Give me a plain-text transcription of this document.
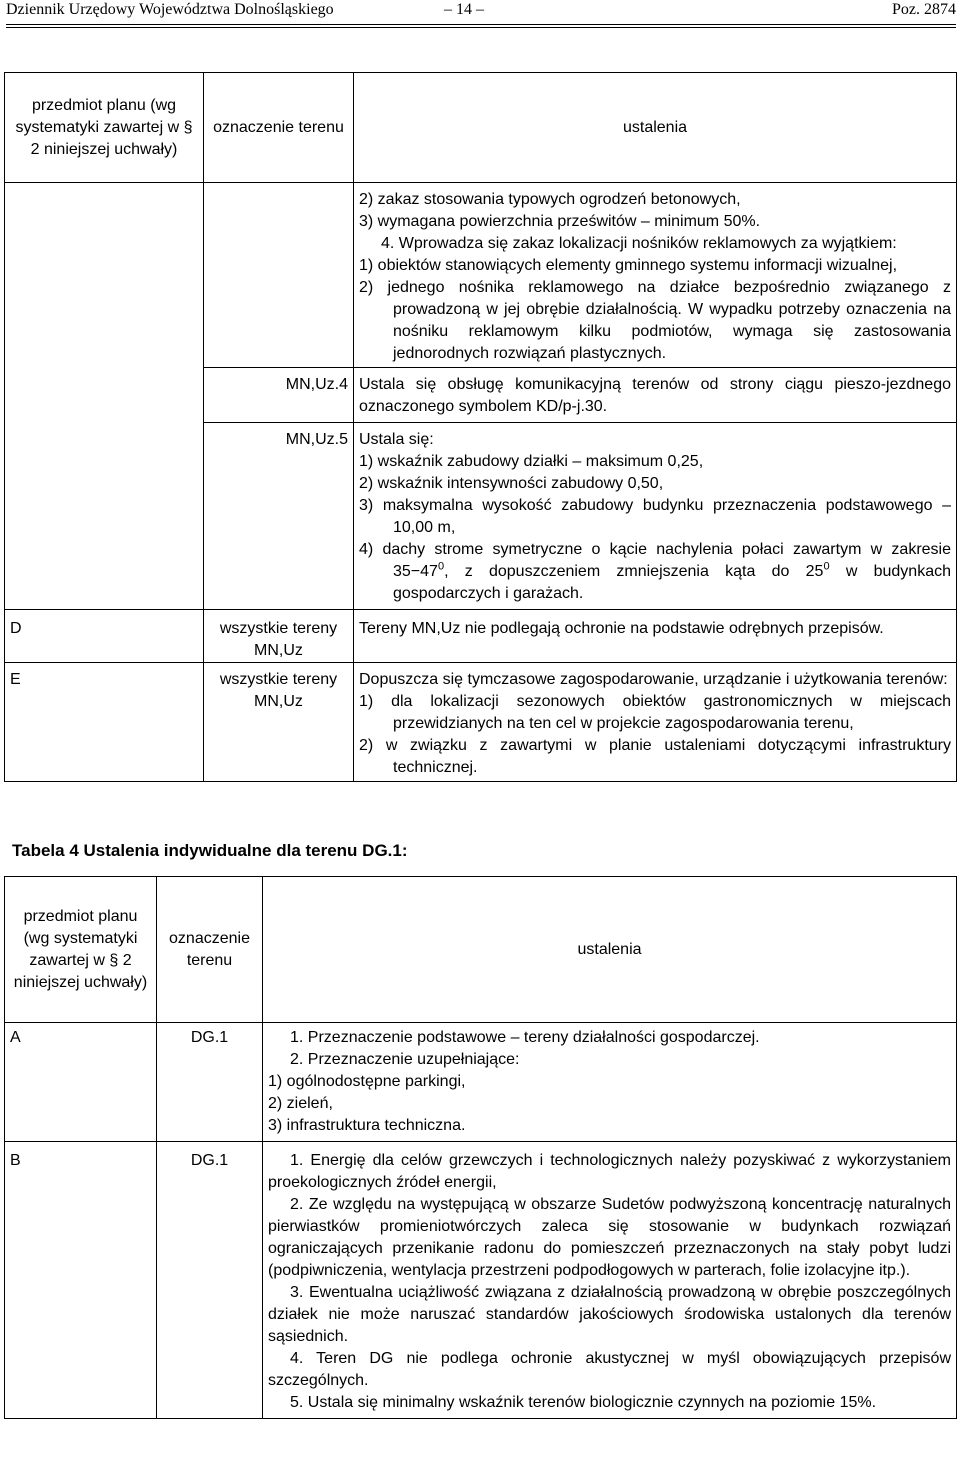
Dziennik Urzędowy Województwa Dolnośląskiego	– 14 –	Poz. 2874
przedmiot planu (wg systematyki zawartej w § 2 niniejszej uchwały)	oznaczenie terenu	ustalenia

		2) zakaz stosowania typowych ogrodzeń betonowych,
3) wymagana powierzchnia prześwitów – minimum 50%.
4. Wprowadza się zakaz lokalizacji nośników reklamowych za wyjątkiem:
1) obiektów stanowiących elementy gminnego systemu informacji wizualnej,
2) jednego nośnika reklamowego na działce bezpośrednio związanego z prowadzoną w jej obrębie działalnością. W wypadku potrzeby oznaczenia na nośniku reklamowym kilku podmiotów, wymaga się zastosowania jednorodnych rozwiązań plastycznych.

	MN,Uz.4	Ustala się obsługę komunikacyjną terenów od strony ciągu pieszo-jezdnego oznaczonego symbolem KD/p-j.30.
	MN,Uz.5	Ustala się:
1) wskaźnik zabudowy działki – maksimum 0,25,
2) wskaźnik intensywności zabudowy 0,50,
3) maksymalna wysokość zabudowy budynku przeznaczenia podstawowego – 10,00 m,
4) dachy strome symetryczne o kącie nachylenia połaci zawartym w zakresie $35-47^0$, z dopuszczeniem zmniejszenia kąta do $25^0$ w budynkach gospodarczych i garażach.

D	wszystkie tereny MN,Uz	Tereny MN,Uz nie podlegają ochronie na podstawie odrębnych przepisów.
E	wszystkie tereny MN,Uz	Dopuszcza się tymczasowe zagospodarowanie, urządzanie i użytkowania terenów:
1) dla lokalizacji sezonowych obiektów gastronomicznych w miejscach przewidzianych na ten cel w projekcie zagospodarowania terenu,
2) w związku z zawartymi w planie ustaleniami dotyczącymi infrastruktury technicznej.
Tabela 4 Ustalenia indywidualne dla terenu DG.1:
przedmiot planu (wg systematyki zawartej w § 2 niniejszej uchwały)	oznaczenie terenu	ustalenia
A	DG.1	1. Przeznaczenie podstawowe – tereny działalności gospodarczej.
2. Przeznaczenie uzupełniające:
1) ogólnodostępne parkingi,
2) zieleń,
3) infrastruktura techniczna.

B	DG.1	1. Energię dla celów grzewczych i technologicznych należy pozyskiwać z wykorzystaniem proekologicznych źródeł energii,
2. Ze względu na występującą w obszarze Sudetów podwyższoną koncentrację naturalnych pierwiastków promieniotwórczych zaleca się stosowanie w budynkach rozwiązań ograniczających przenikanie radonu do pomieszczeń przeznaczonych na stały pobyt ludzi (podpiwniczenia, wentylacja przestrzeni podpodłogowych w parterach, folie izolacyjne itp.).
3. Ewentualna uciążliwość związana z działalnością prowadzoną w obrębie poszczególnych działek nie może naruszać standardów jakościowych środowiska ustalonych dla terenów sąsiednich.
4. Teren DG nie podlega ochronie akustycznej w myśl obowiązujących przepisów szczególnych.
5. Ustala się minimalny wskaźnik terenów biologicznie czynnych na poziomie 15%.
